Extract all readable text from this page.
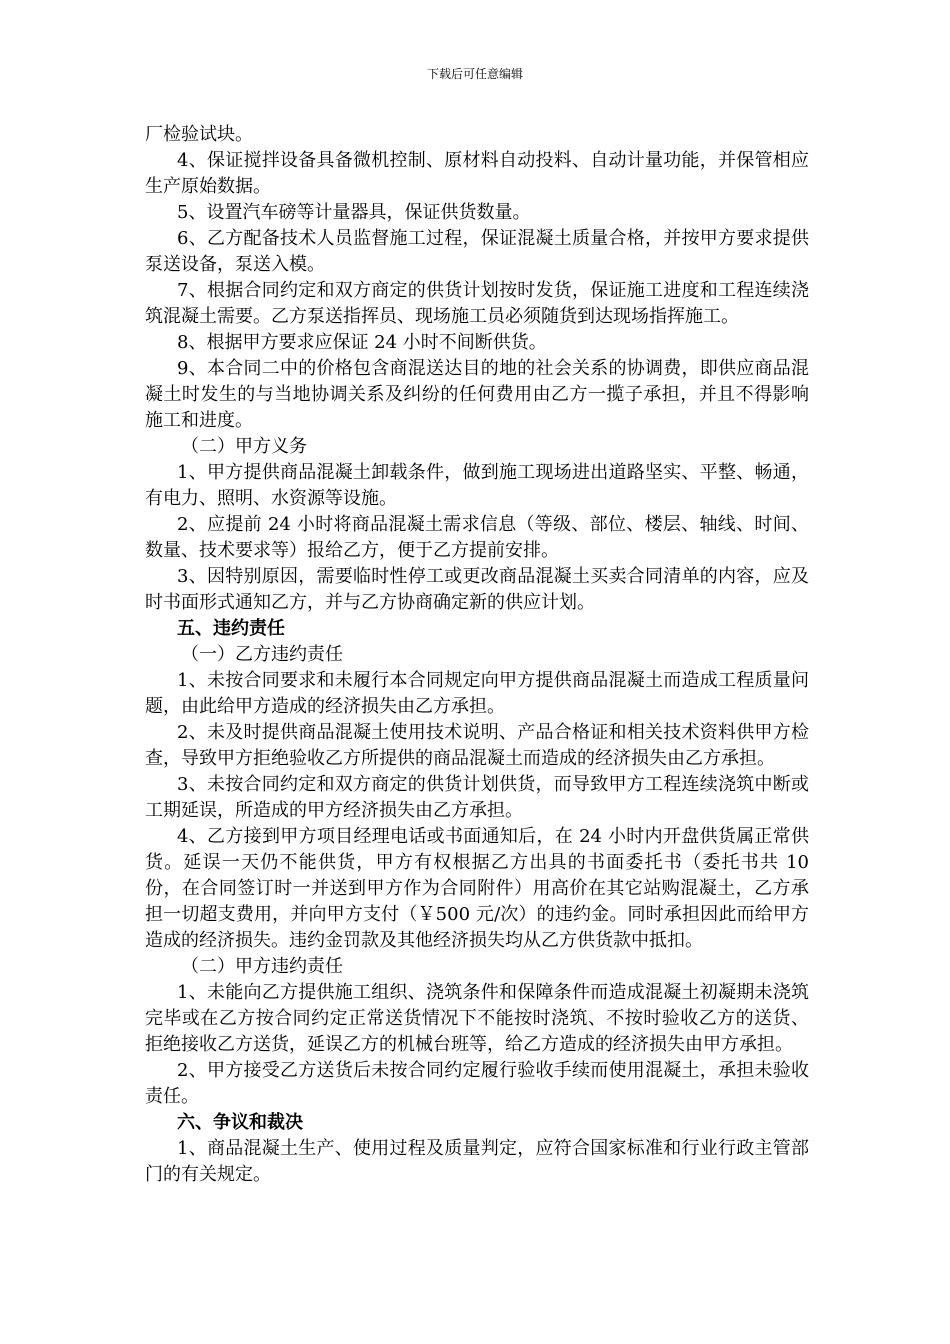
下载后可任意编辑

厂检验试块。

4、保证搅拌设备具备微机控制、原材料自动投料、自动计量功能，并保管相应生产原始数据。

5、设置汽车磅等计量器具，保证供货数量。

6、乙方配备技术人员监督施工过程，保证混凝土质量合格，并按甲方要求提供泵送设备，泵送入模。

7、根据合同约定和双方商定的供货计划按时发货，保证施工进度和工程连续浇筑混凝土需要。乙方泵送指挥员、现场施工员必须随货到达现场指挥施工。

8、根据甲方要求应保证 24 小时不间断供货。

9、本合同二中的价格包含商混送达目的地的社会关系的协调费，即供应商品混凝土时发生的与当地协调关系及纠纷的任何费用由乙方一揽子承担，并且不得影响施工和进度。

（二）甲方义务

1、甲方提供商品混凝土卸载条件，做到施工现场进出道路坚实、平整、畅通，有电力、照明、水资源等设施。

2、应提前 24 小时将商品混凝土需求信息（等级、部位、楼层、轴线、时间、数量、技术要求等）报给乙方，便于乙方提前安排。

3、因特别原因，需要临时性停工或更改商品混凝土买卖合同清单的内容，应及时书面形式通知乙方，并与乙方协商确定新的供应计划。

五、违约责任

（一）乙方违约责任

1、未按合同要求和未履行本合同规定向甲方提供商品混凝土而造成工程质量问题，由此给甲方造成的经济损失由乙方承担。

2、未及时提供商品混凝土使用技术说明、产品合格证和相关技术资料供甲方检查，导致甲方拒绝验收乙方所提供的商品混凝土而造成的经济损失由乙方承担。

3、未按合同约定和双方商定的供货计划供货，而导致甲方工程连续浇筑中断或工期延误，所造成的甲方经济损失由乙方承担。

4、乙方接到甲方项目经理电话或书面通知后，在 24 小时内开盘供货属正常供货。延误一天仍不能供货，甲方有权根据乙方出具的书面委托书（委托书共 10 份，在合同签订时一并送到甲方作为合同附件）用高价在其它站购混凝土，乙方承担一切超支费用，并向甲方支付（￥500 元/次）的违约金。同时承担因此而给甲方造成的经济损失。违约金罚款及其他经济损失均从乙方供货款中抵扣。

（二）甲方违约责任

1、未能向乙方提供施工组织、浇筑条件和保障条件而造成混凝土初凝期未浇筑完毕或在乙方按合同约定正常送货情况下不能按时浇筑、不按时验收乙方的送货、拒绝接收乙方送货，延误乙方的机械台班等，给乙方造成的经济损失由甲方承担。

2、甲方接受乙方送货后未按合同约定履行验收手续而使用混凝土，承担未验收责任。

六、争议和裁决

1、商品混凝土生产、使用过程及质量判定，应符合国家标准和行业行政主管部门的有关规定。
